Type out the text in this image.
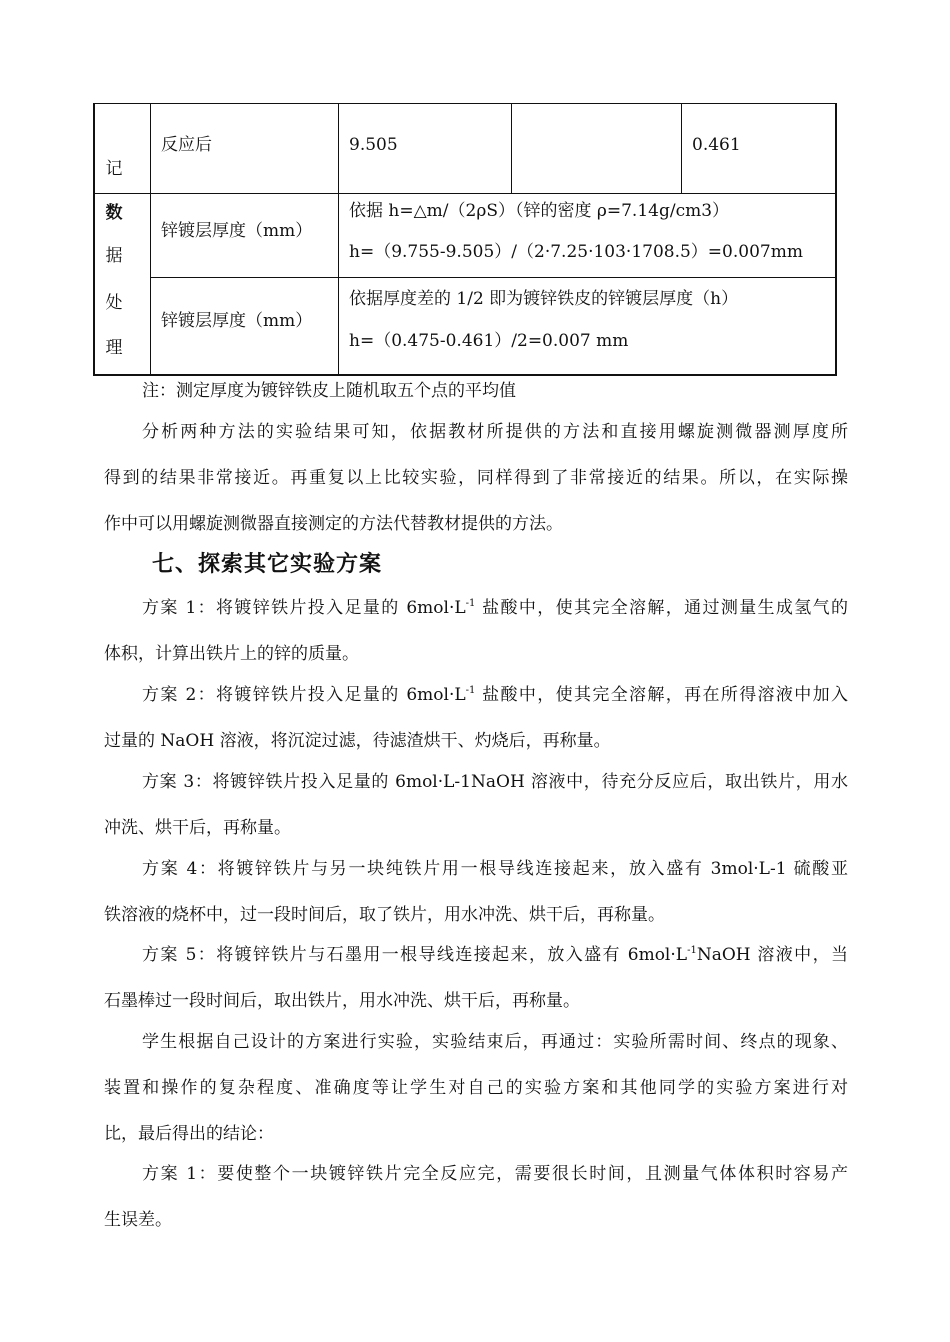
记
反应后	9.505	0.461
数
据
处
理
锌镀层厚度（mm）
依据 h=△m/（2ρS）（锌的密度 ρ=7.14g/cm3）
h=（9.755-9.505）/（2·7.25·103·1708.5）=0.007mm
锌镀层厚度（mm）
依据厚度差的 1/2 即为镀锌铁皮的锌镀层厚度（h）
h=（0.475-0.461）/2=0.007 mm
注：测定厚度为镀锌铁皮上随机取五个点的平均值
分析两种方法的实验结果可知，依据教材所提供的方法和直接用螺旋测微器测厚度所
得到的结果非常接近。再重复以上比较实验，同样得到了非常接近的结果。所以，在实际操
作中可以用螺旋测微器直接测定的方法代替教材提供的方法。
七、探索其它实验方案
方案 1：将镀锌铁片投入足量的 $6mol\cdot L^{-1}$ 盐酸中，使其完全溶解，通过测量生成氢气的
体积，计算出铁片上的锌的质量。
方案 2：将镀锌铁片投入足量的 $6mol\cdot L^{-1}$ 盐酸中，使其完全溶解，再在所得溶液中加入
过量的 NaOH 溶液，将沉淀过滤，待滤渣烘干、灼烧后，再称量。
方案 3：将镀锌铁片投入足量的 6mol·L-1NaOH 溶液中，待充分反应后，取出铁片，用水
冲洗、烘干后，再称量。
方案 4：将镀锌铁片与另一块纯铁片用一根导线连接起来，放入盛有 3mol·L-1 硫酸亚
铁溶液的烧杯中，过一段时间后，取了铁片，用水冲洗、烘干后，再称量。
方案 5：将镀锌铁片与石墨用一根导线连接起来，放入盛有 $6mol\cdot L^{-1}NaOH$ 溶液中，当
石墨棒过一段时间后，取出铁片，用水冲洗、烘干后，再称量。
学生根据自己设计的方案进行实验，实验结束后，再通过：实验所需时间、终点的现象、
装置和操作的复杂程度、准确度等让学生对自己的实验方案和其他同学的实验方案进行对
比，最后得出的结论：
方案 1：要使整个一块镀锌铁片完全反应完，需要很长时间，且测量气体体积时容易产
生误差。
